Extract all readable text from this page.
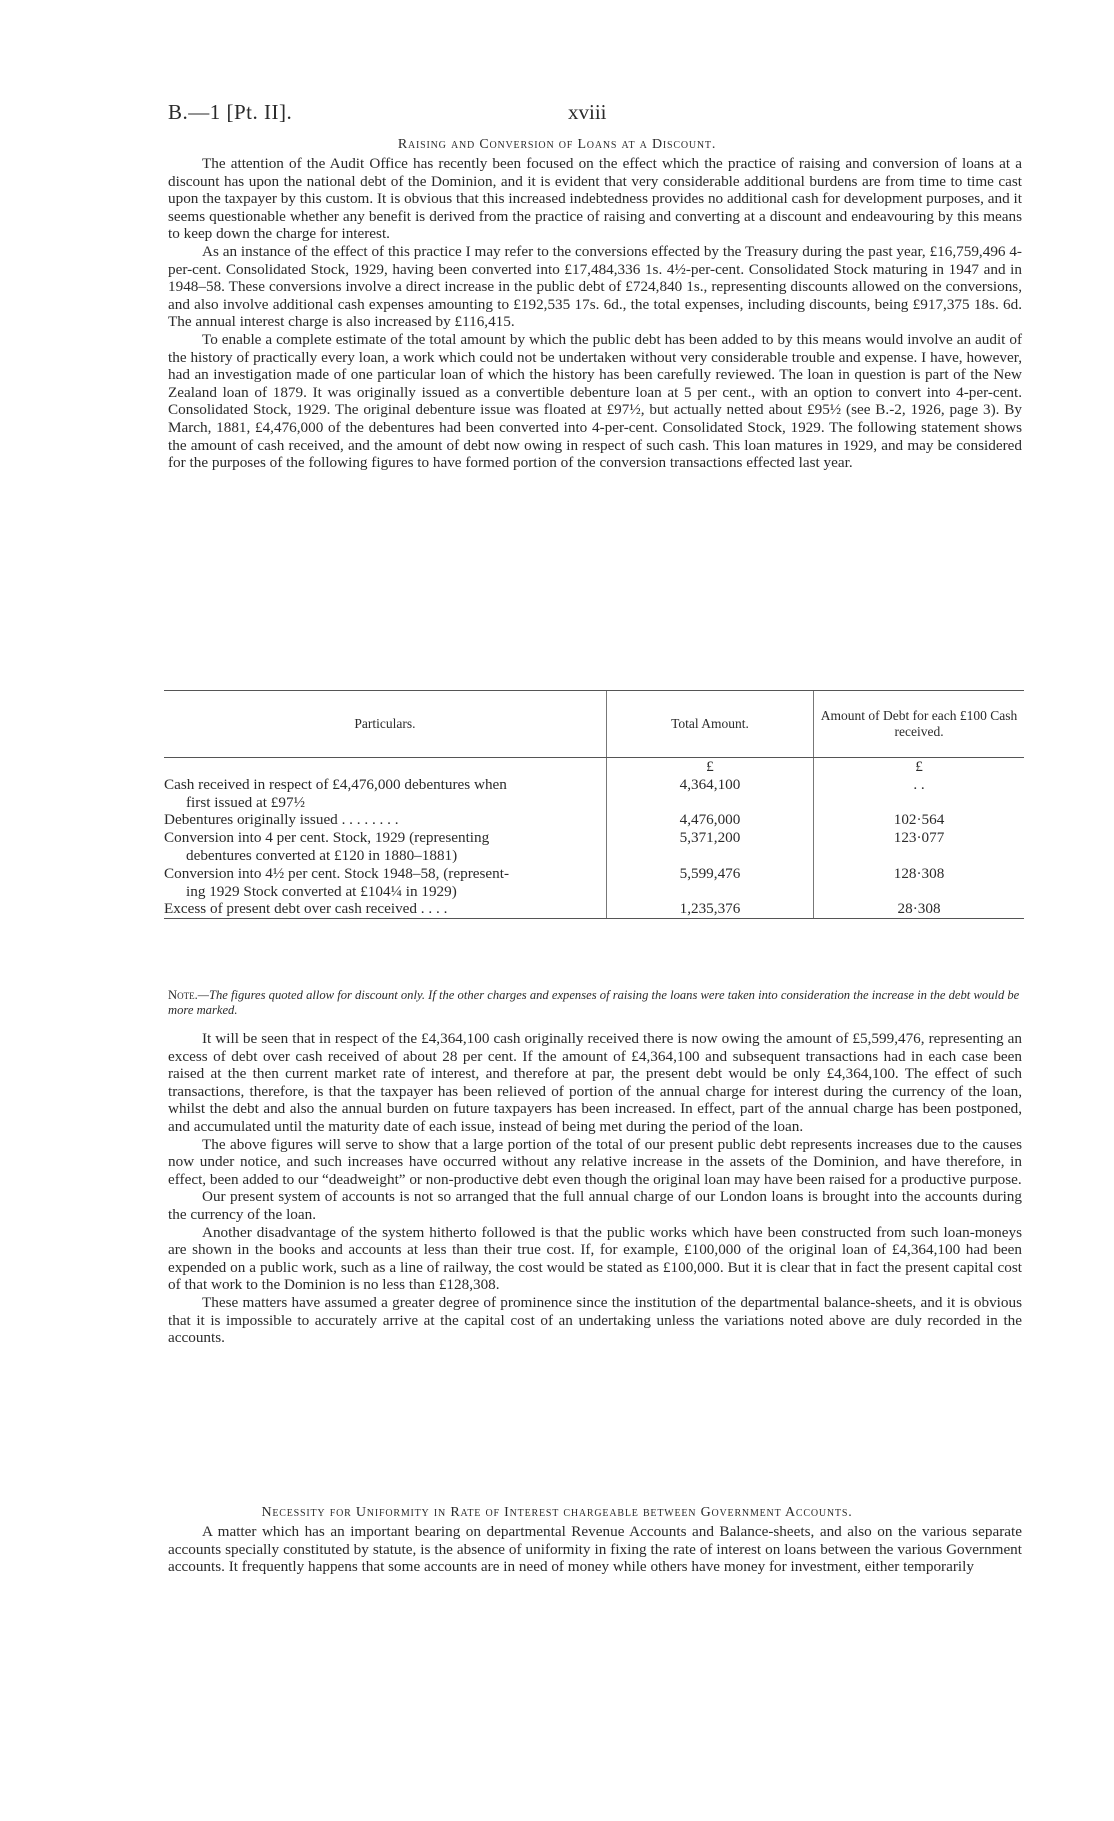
B.—1 [Pt. II].	xviii
Raising and Conversion of Loans at a Discount.

The attention of the Audit Office has recently been focused on the effect which the practice of raising and conversion of loans at a discount has upon the national debt of the Dominion, and it is evident that very considerable additional burdens are from time to time cast upon the taxpayer by this custom. It is obvious that this increased indebtedness provides no additional cash for development purposes, and it seems questionable whether any benefit is derived from the practice of raising and converting at a discount and endeavouring by this means to keep down the charge for interest.

As an instance of the effect of this practice I may refer to the conversions effected by the Treasury during the past year, £16,759,496 4-per-cent. Consolidated Stock, 1929, having been converted into £17,484,336 1s. 4½-per-cent. Consolidated Stock maturing in 1947 and in 1948–58. These conversions involve a direct increase in the public debt of £724,840 1s., representing discounts allowed on the conversions, and also involve additional cash expenses amounting to £192,535 17s. 6d., the total expenses, including discounts, being £917,375 18s. 6d. The annual interest charge is also increased by £116,415.

To enable a complete estimate of the total amount by which the public debt has been added to by this means would involve an audit of the history of practically every loan, a work which could not be undertaken without very considerable trouble and expense. I have, however, had an investigation made of one particular loan of which the history has been carefully reviewed. The loan in question is part of the New Zealand loan of 1879. It was originally issued as a convertible debenture loan at 5 per cent., with an option to convert into 4-per-cent. Consolidated Stock, 1929. The original debenture issue was floated at £97½, but actually netted about £95½ (see B.-2, 1926, page 3). By March, 1881, £4,476,000 of the debentures had been converted into 4-per-cent. Consolidated Stock, 1929. The following statement shows the amount of cash received, and the amount of debt now owing in respect of such cash. This loan matures in 1929, and may be considered for the purposes of the following figures to have formed portion of the conversion transactions effected last year.

Particulars.	Total Amount.	Amount of Debt for each £100 Cash received.
	£	£

Cash received in respect of £4,476,000 debentures when
first issued at £97½	4,364,100	. .

Debentures originally issued . . . . . . . .	4,476,000	102·564

Conversion into 4 per cent. Stock, 1929 (representing
debentures converted at £120 in 1880–1881)	5,371,200	123·077

Conversion into 4½ per cent. Stock 1948–58, (represent-
ing 1929 Stock converted at £104¼ in 1929)	5,599,476	128·308

Excess of present debt over cash received . . . .	1,235,376	28·308
Note.—The figures quoted allow for discount only. If the other charges and expenses of raising the loans were taken into consideration the increase in the debt would be more marked.

It will be seen that in respect of the £4,364,100 cash originally received there is now owing the amount of £5,599,476, representing an excess of debt over cash received of about 28 per cent. If the amount of £4,364,100 and subsequent transactions had in each case been raised at the then current market rate of interest, and therefore at par, the present debt would be only £4,364,100. The effect of such transactions, therefore, is that the taxpayer has been relieved of portion of the annual charge for interest during the currency of the loan, whilst the debt and also the annual burden on future taxpayers has been increased. In effect, part of the annual charge has been postponed, and accumulated until the maturity date of each issue, instead of being met during the period of the loan.

The above figures will serve to show that a large portion of the total of our present public debt represents increases due to the causes now under notice, and such increases have occurred without any relative increase in the assets of the Dominion, and have therefore, in effect, been added to our “deadweight” or non-productive debt even though the original loan may have been raised for a productive purpose.

Our present system of accounts is not so arranged that the full annual charge of our London loans is brought into the accounts during the currency of the loan.

Another disadvantage of the system hitherto followed is that the public works which have been constructed from such loan-moneys are shown in the books and accounts at less than their true cost. If, for example, £100,000 of the original loan of £4,364,100 had been expended on a public work, such as a line of railway, the cost would be stated as £100,000. But it is clear that in fact the present capital cost of that work to the Dominion is no less than £128,308.

These matters have assumed a greater degree of prominence since the institution of the departmental balance-sheets, and it is obvious that it is impossible to accurately arrive at the capital cost of an undertaking unless the variations noted above are duly recorded in the accounts.

Necessity for Uniformity in Rate of Interest chargeable between Government Accounts.

A matter which has an important bearing on departmental Revenue Accounts and Balance-sheets, and also on the various separate accounts specially constituted by statute, is the absence of uniformity in fixing the rate of interest on loans between the various Government accounts. It frequently happens that some accounts are in need of money while others have money for investment, either temporarily
